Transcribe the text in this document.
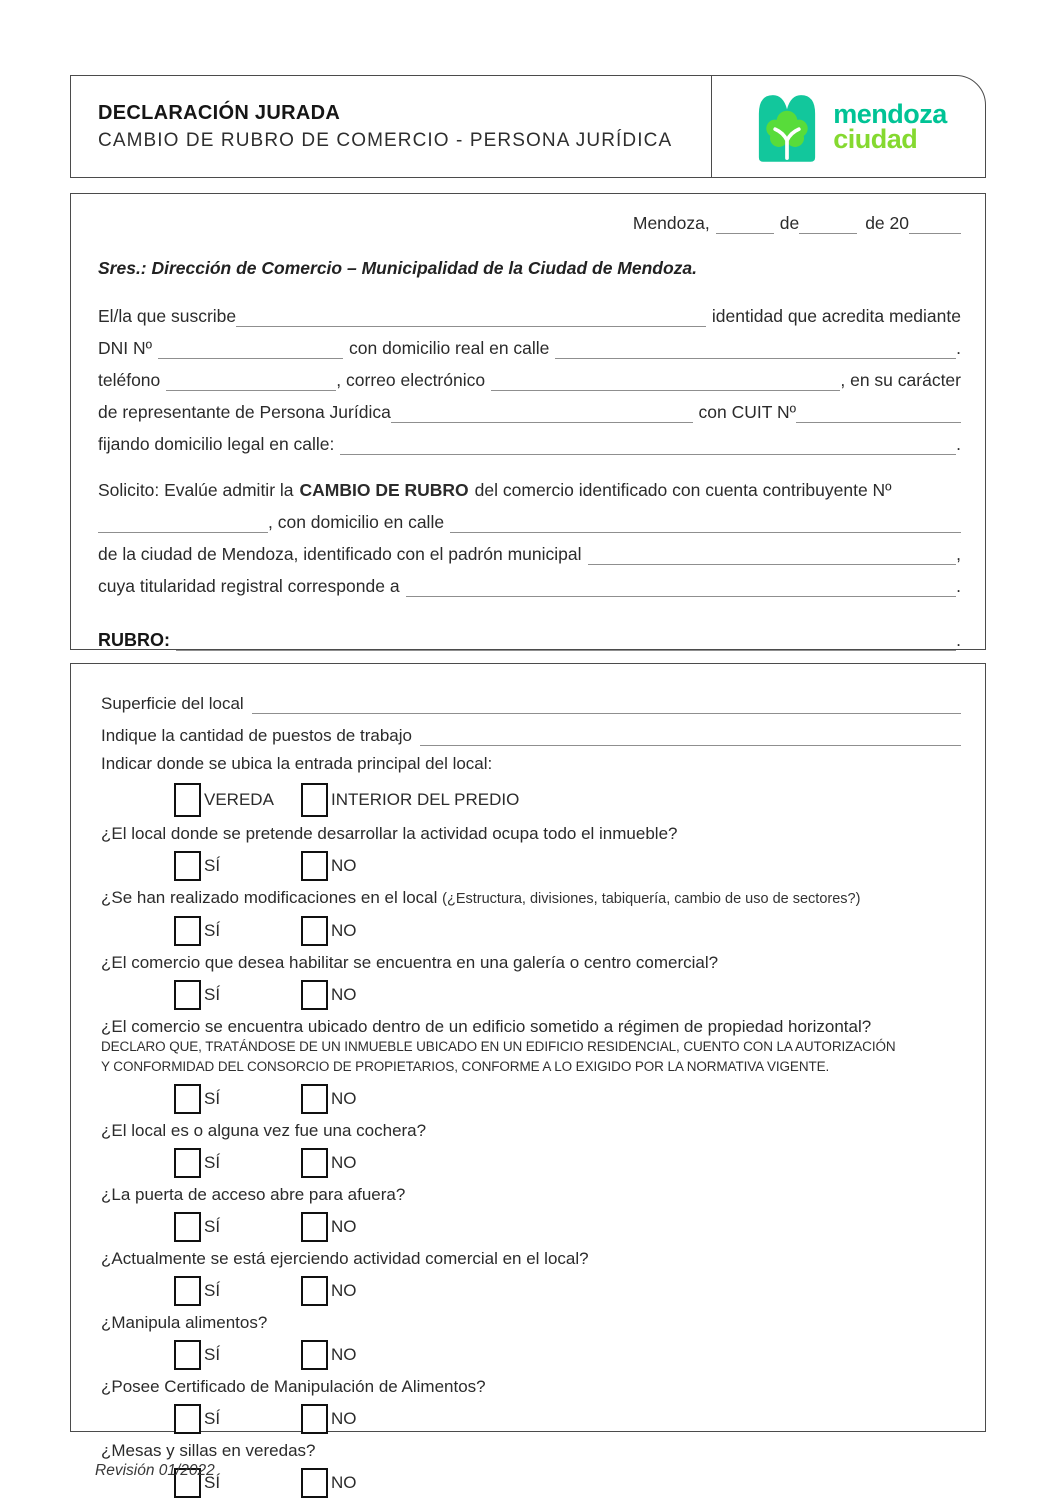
DECLARACIÓN JURADA
CAMBIO DE RUBRO DE COMERCIO - PERSONA JURÍDICA
mendoza
ciudad
Mendoza,	de	de 20
Sres.: Dirección de Comercio – Municipalidad de la Ciudad de Mendoza.
El/la que suscribe	identidad que acredita mediante
DNI Nº	con domicilio real en calle	.
teléfono	, correo electrónico	, en su carácter
de representante de Persona Jurídica	con CUIT Nº
fijando domicilio legal en calle:	.
Solicito: Evalúe admitir la CAMBIO DE RUBRO del comercio identificado con cuenta contribuyente Nº
, con domicilio en calle
de la ciudad de Mendoza, identificado con el padrón municipal	,
cuya titularidad registral corresponde a	.
RUBRO:	.
Superficie del local
Indique la cantidad de puestos de trabajo
Indicar donde se ubica la entrada principal del local:
VEREDA	INTERIOR DEL PREDIO
¿El local donde se pretende desarrollar la actividad ocupa todo el inmueble?
SÍ	NO
¿Se han realizado modificaciones en el local (¿Estructura, divisiones, tabiquería, cambio de uso de sectores?)
SÍ	NO
¿El comercio que desea habilitar se encuentra en una galería o centro comercial?
SÍ	NO
¿El comercio se encuentra ubicado dentro de un edificio sometido a régimen de propiedad horizontal?
DECLARO QUE, TRATÁNDOSE DE UN INMUEBLE UBICADO EN UN EDIFICIO RESIDENCIAL, CUENTO CON LA AUTORIZACIÓN
Y CONFORMIDAD DEL CONSORCIO DE PROPIETARIOS, CONFORME A LO EXIGIDO POR LA NORMATIVA VIGENTE.
SÍ	NO
¿El local es o alguna vez fue una cochera?
SÍ	NO
¿La puerta de acceso abre para afuera?
SÍ	NO
¿Actualmente se está ejerciendo actividad comercial en el local?
SÍ	NO
¿Manipula alimentos?
SÍ	NO
¿Posee Certificado de Manipulación de Alimentos?
SÍ	NO
¿Mesas y sillas en veredas?
SÍ	NO
Revisión 01/2022
